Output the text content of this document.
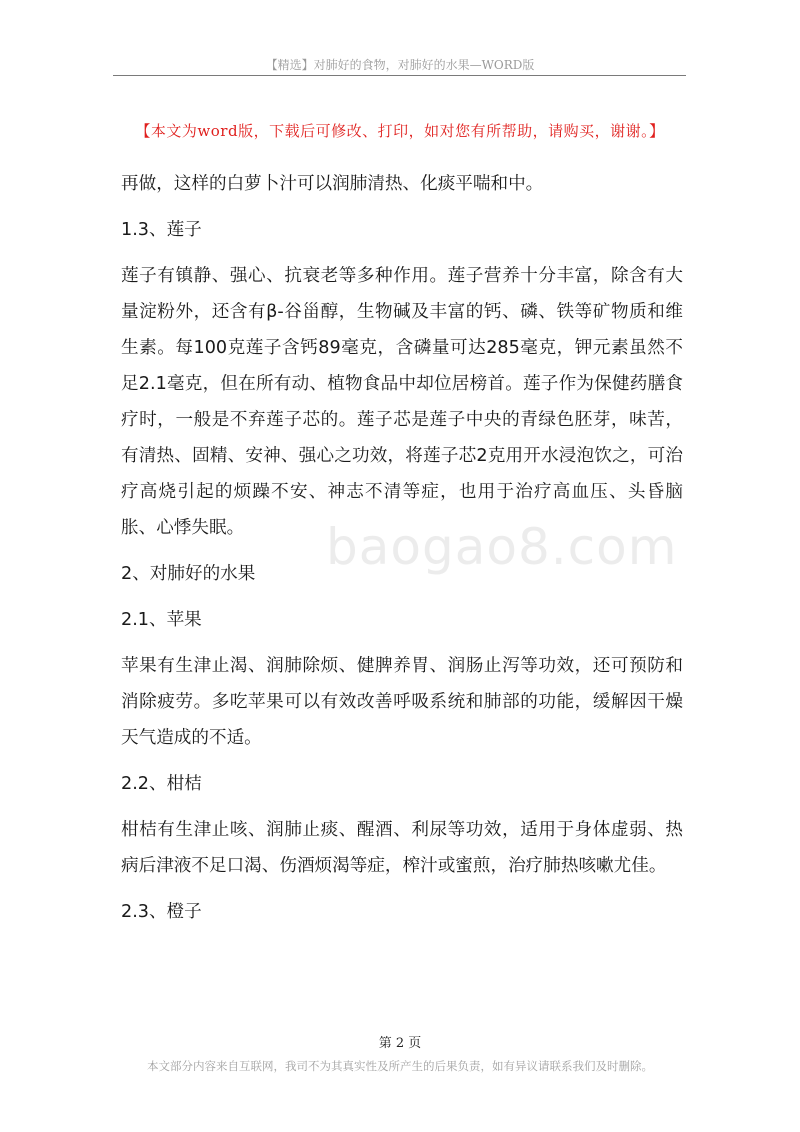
【精选】对肺好的食物，对肺好的水果—WORD版
【本文为word版，下载后可修改、打印，如对您有所帮助，请购买，谢谢。】

再做，这样的白萝卜汁可以润肺清热、化痰平喘和中。

1.3、莲子

莲子有镇静、强心、抗衰老等多种作用。莲子营养十分丰富，除含有大量淀粉外，还含有β-谷甾醇，生物碱及丰富的钙、磷、铁等矿物质和维生素。每100克莲子含钙89毫克，含磷量可达285毫克，钾元素虽然不足2.1毫克，但在所有动、植物食品中却位居榜首。莲子作为保健药膳食疗时，一般是不弃莲子芯的。莲子芯是莲子中央的青绿色胚芽，味苦，有清热、固精、安神、强心之功效，将莲子芯2克用开水浸泡饮之，可治疗高烧引起的烦躁不安、神志不清等症，也用于治疗高血压、头昏脑胀、心悸失眠。

2、对肺好的水果

2.1、苹果

苹果有生津止渴、润肺除烦、健脾养胃、润肠止泻等功效，还可预防和消除疲劳。多吃苹果可以有效改善呼吸系统和肺部的功能，缓解因干燥天气造成的不适。

2.2、柑桔

柑桔有生津止咳、润肺止痰、醒酒、利尿等功效，适用于身体虚弱、热病后津液不足口渴、伤酒烦渴等症，榨汁或蜜煎，治疗肺热咳嗽尤佳。

2.3、橙子

baogao8.com
第 2 页
本文部分内容来自互联网，我司不为其真实性及所产生的后果负责，如有异议请联系我们及时删除。
